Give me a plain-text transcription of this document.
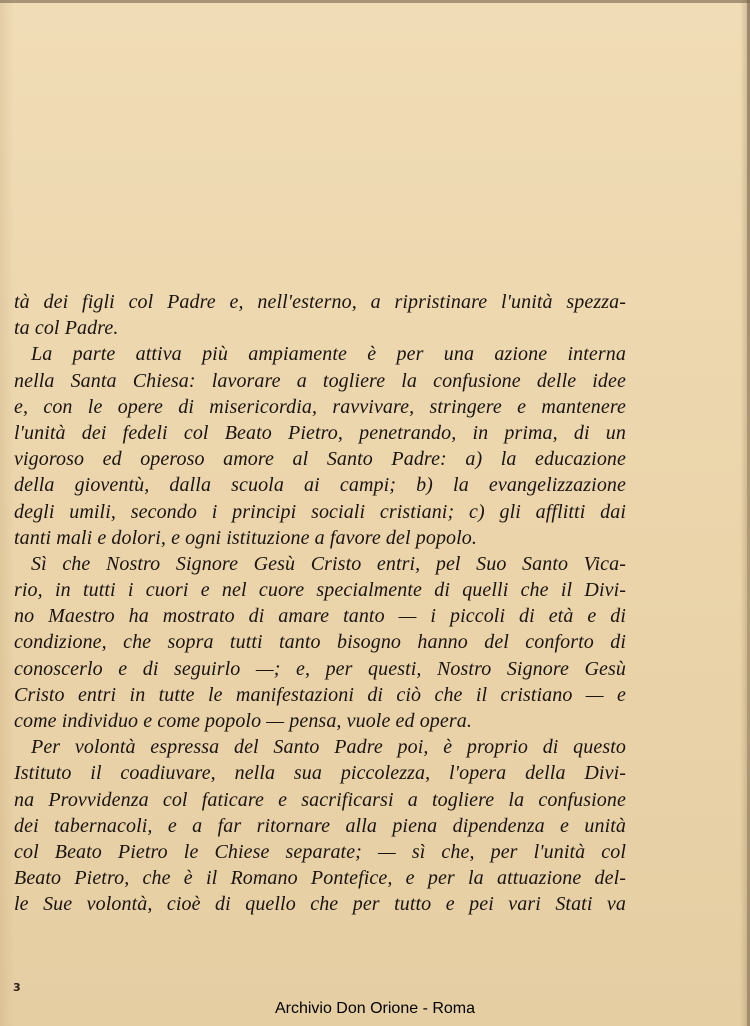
tà dei figli col Padre e, nell'esterno, a ripristinare l'unità spezza-
ta col Padre.
La parte attiva più ampiamente è per una azione interna
nella Santa Chiesa: lavorare a togliere la confusione delle idee
e, con le opere di misericordia, ravvivare, stringere e mantenere
l'unità dei fedeli col Beato Pietro, penetrando, in prima, di un
vigoroso ed operoso amore al Santo Padre: a) la educazione
della gioventù, dalla scuola ai campi; b) la evangelizzazione
degli umili, secondo i principi sociali cristiani; c) gli afflitti dai
tanti mali e dolori, e ogni istituzione a favore del popolo.
Sì che Nostro Signore Gesù Cristo entri, pel Suo Santo Vica-
rio, in tutti i cuori e nel cuore specialmente di quelli che il Divi-
no Maestro ha mostrato di amare tanto — i piccoli di età e di
condizione, che sopra tutti tanto bisogno hanno del conforto di
conoscerlo e di seguirlo —; e, per questi, Nostro Signore Gesù
Cristo entri in tutte le manifestazioni di ciò che il cristiano — e
come individuo e come popolo — pensa, vuole ed opera.
Per volontà espressa del Santo Padre poi, è proprio di questo
Istituto il coadiuvare, nella sua piccolezza, l'opera della Divi-
na Provvidenza col faticare e sacrificarsi a togliere la confusione
dei tabernacoli, e a far ritornare alla piena dipendenza e unità
col Beato Pietro le Chiese separate; — sì che, per l'unità col
Beato Pietro, che è il Romano Pontefice, e per la attuazione del-
le Sue volontà, cioè di quello che per tutto e pei vari Stati va
3
Archivio Don Orione - Roma
